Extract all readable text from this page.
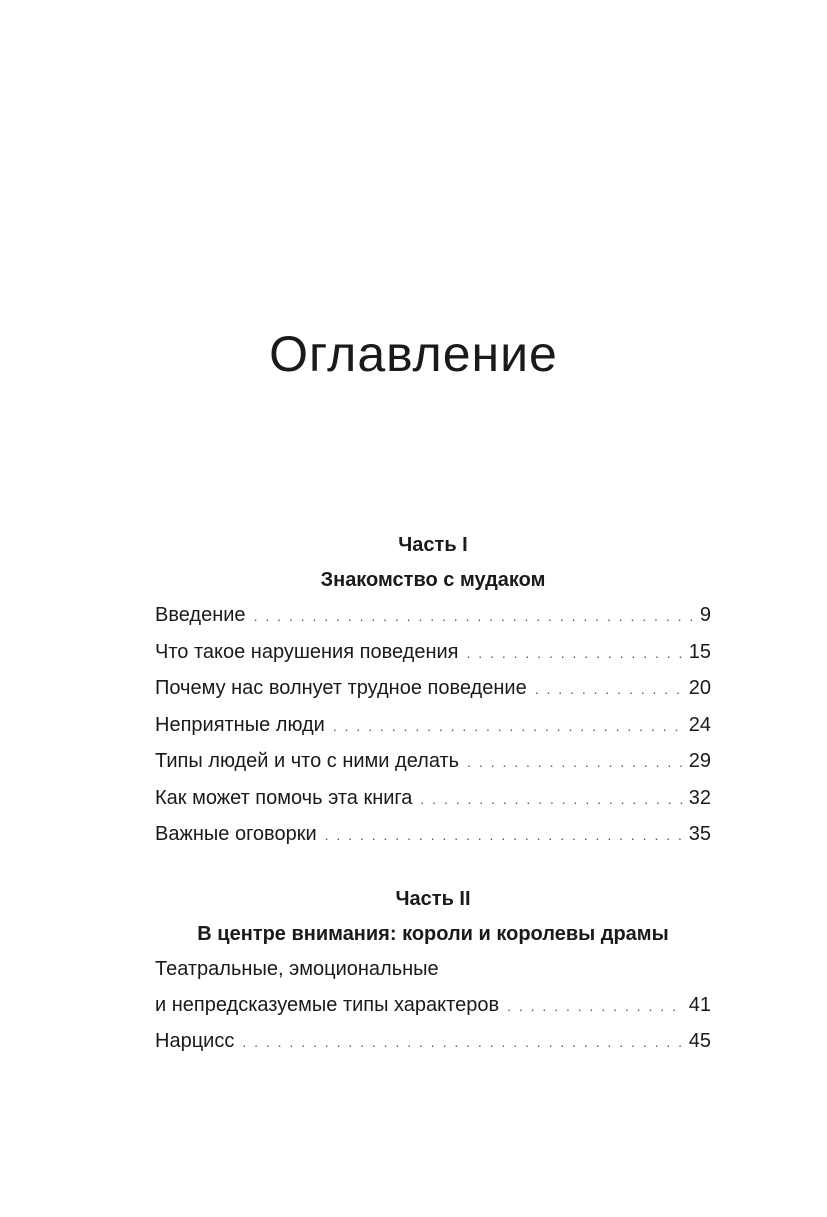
Оглавление
Часть I
Знакомство с мудаком
Введение . . .	9
Что такое нарушения поведения . . .	15
Почему нас волнует трудное поведение . . .	20
Неприятные люди . . .	24
Типы людей и что с ними делать . . .	29
Как может помочь эта книга . . .	32
Важные оговорки . . .	35
Часть II
В центре внимания: короли и королевы драмы
Театральные, эмоциональные
и непредсказуемые типы характеров . . .	41
Нарцисс . . .	45
